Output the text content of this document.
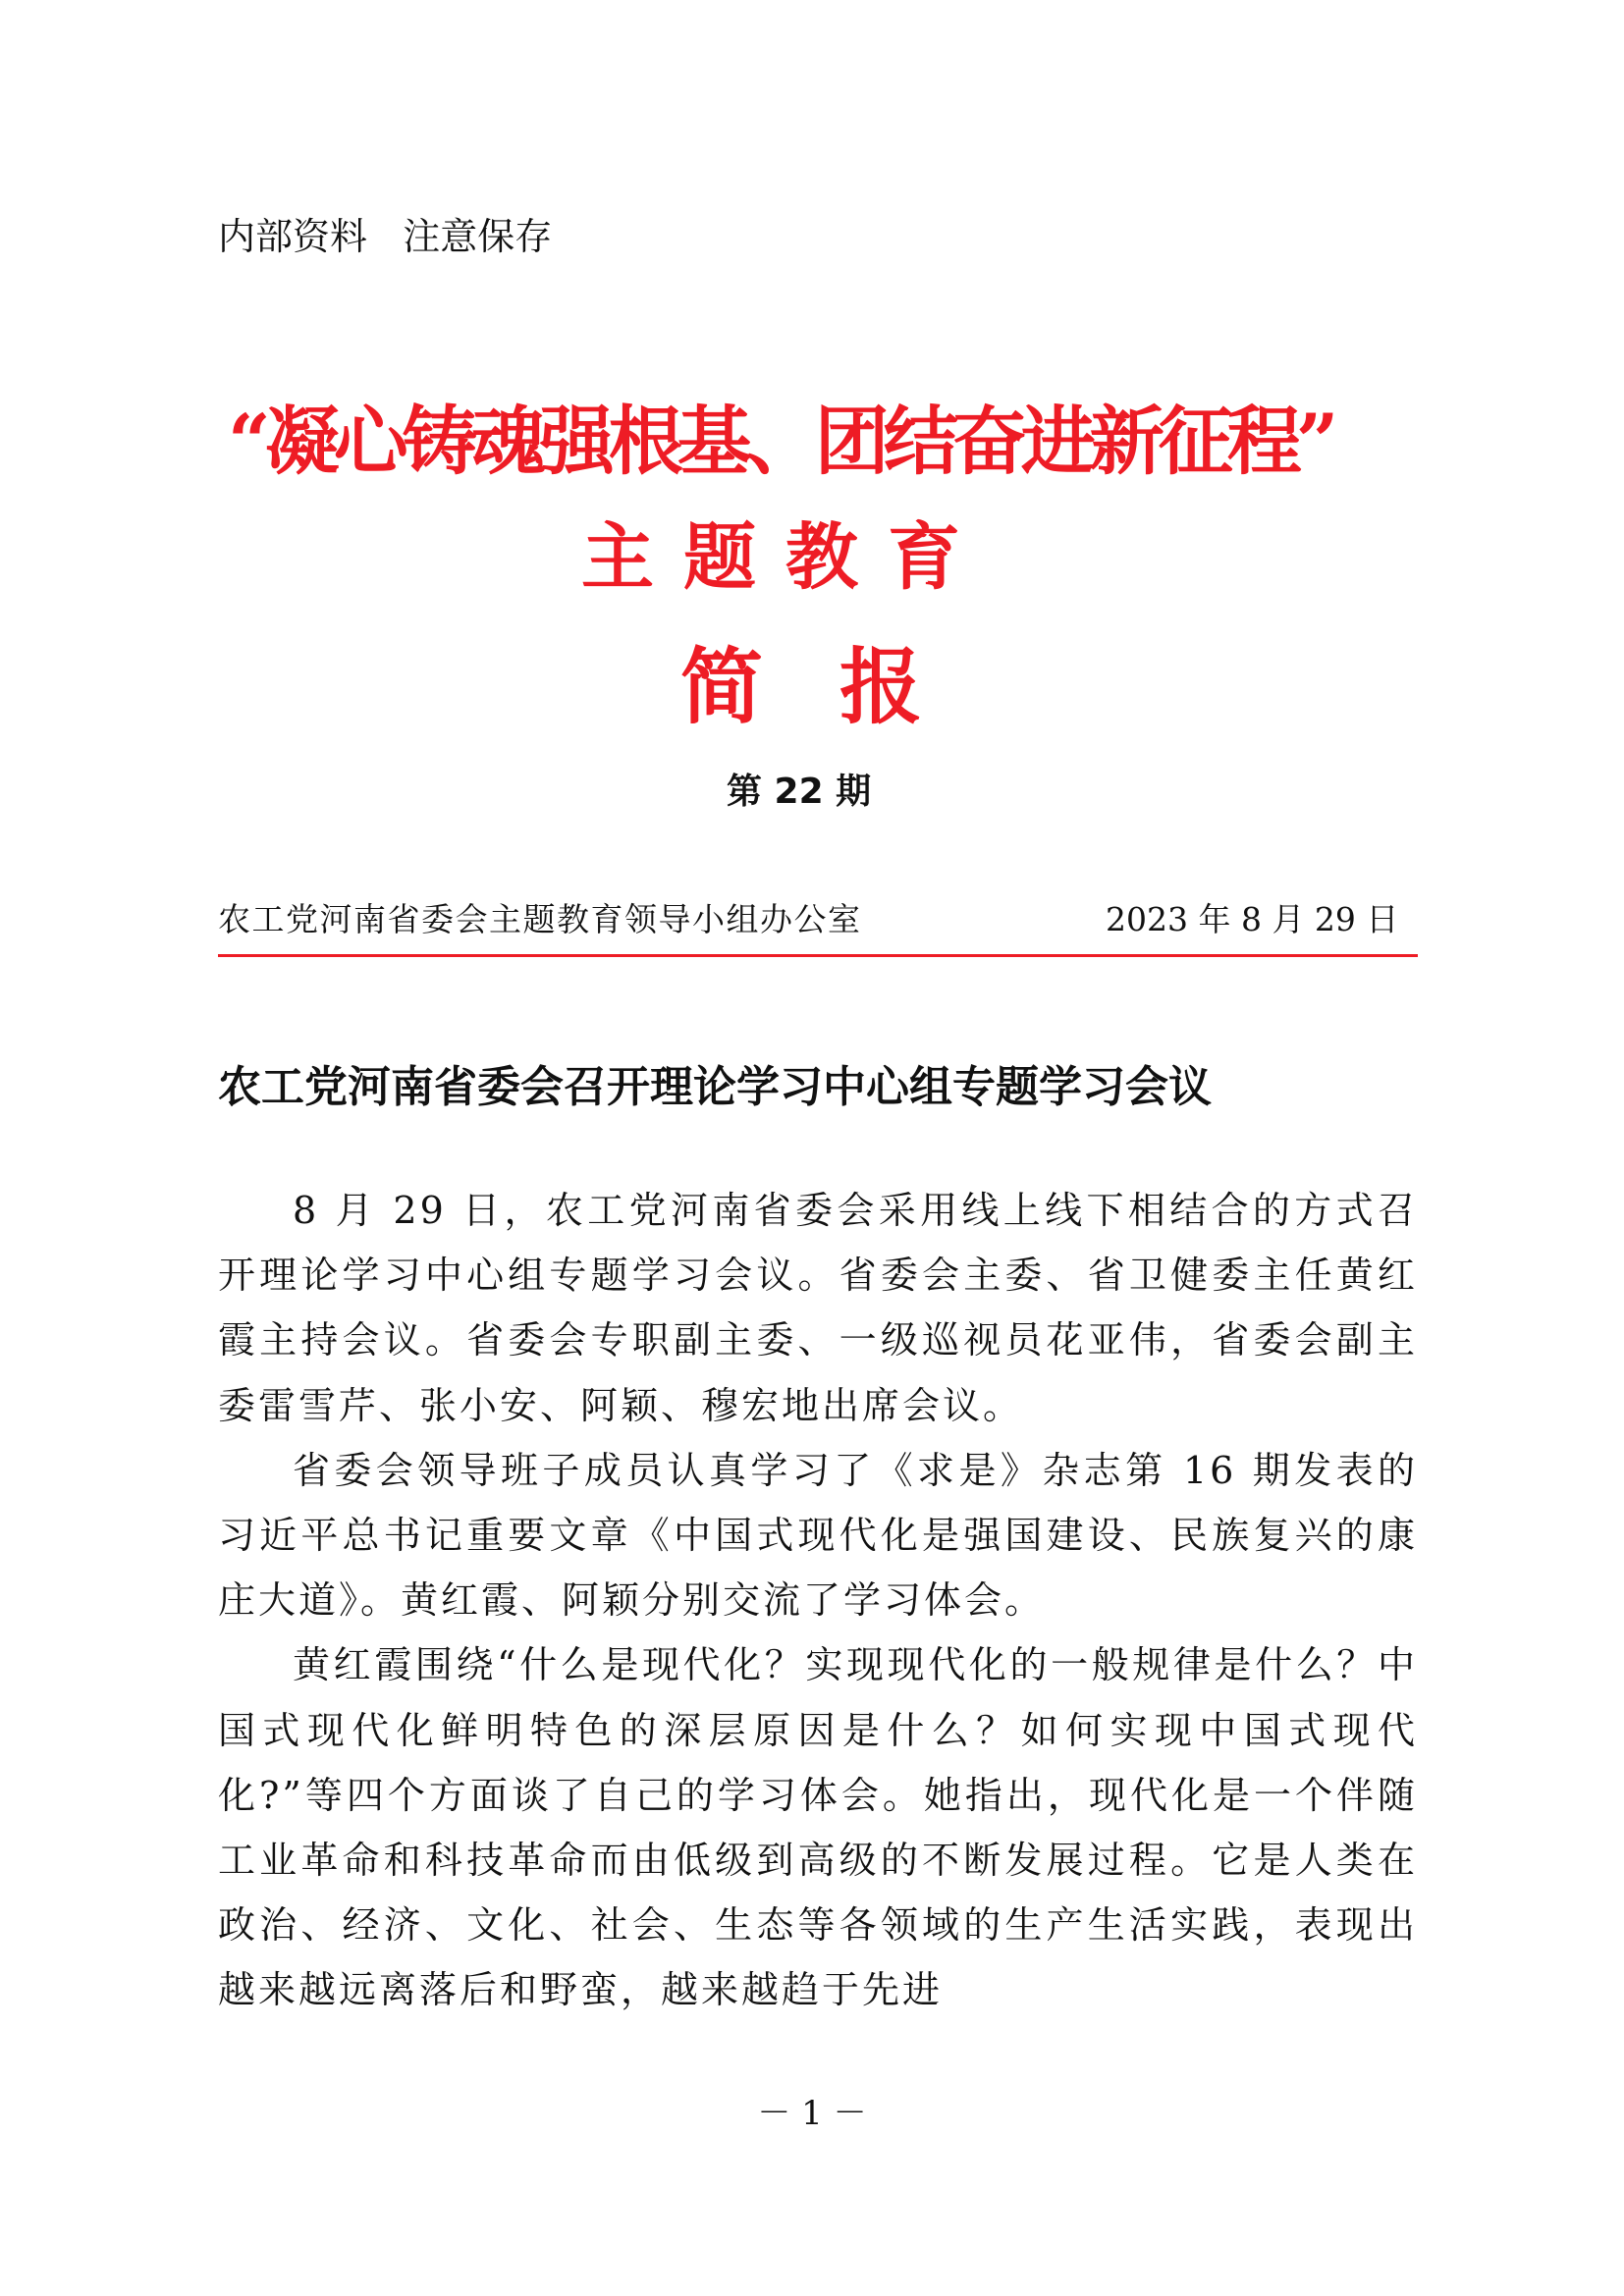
内部资料   注意保存
“凝心铸魂强根基、团结奋进新征程”
主题教育
简报
第 22 期
农工党河南省委会主题教育领导小组办公室	2023 年 8 月 29 日
农工党河南省委会召开理论学习中心组专题学习会议

8 月 29 日，农工党河南省委会采用线上线下相结合的方式召开理论学习中心组专题学习会议。省委会主委、省卫健委主任黄红霞主持会议。省委会专职副主委、一级巡视员花亚伟，省委会副主委雷雪芹、张小安、阿颖、穆宏地出席会议。

省委会领导班子成员认真学习了《求是》杂志第 16 期发表的习近平总书记重要文章《中国式现代化是强国建设、民族复兴的康庄大道》。黄红霞、阿颖分别交流了学习体会。

黄红霞围绕“什么是现代化？实现现代化的一般规律是什么？中国式现代化鲜明特色的深层原因是什么？如何实现中国式现代化?”等四个方面谈了自己的学习体会。她指出，现代化是一个伴随工业革命和科技革命而由低级到高级的不断发展过程。它是人类在政治、经济、文化、社会、生态等各领域的生产生活实践，表现出越来越远离落后和野蛮，越来越趋于先进

－ 1 －
